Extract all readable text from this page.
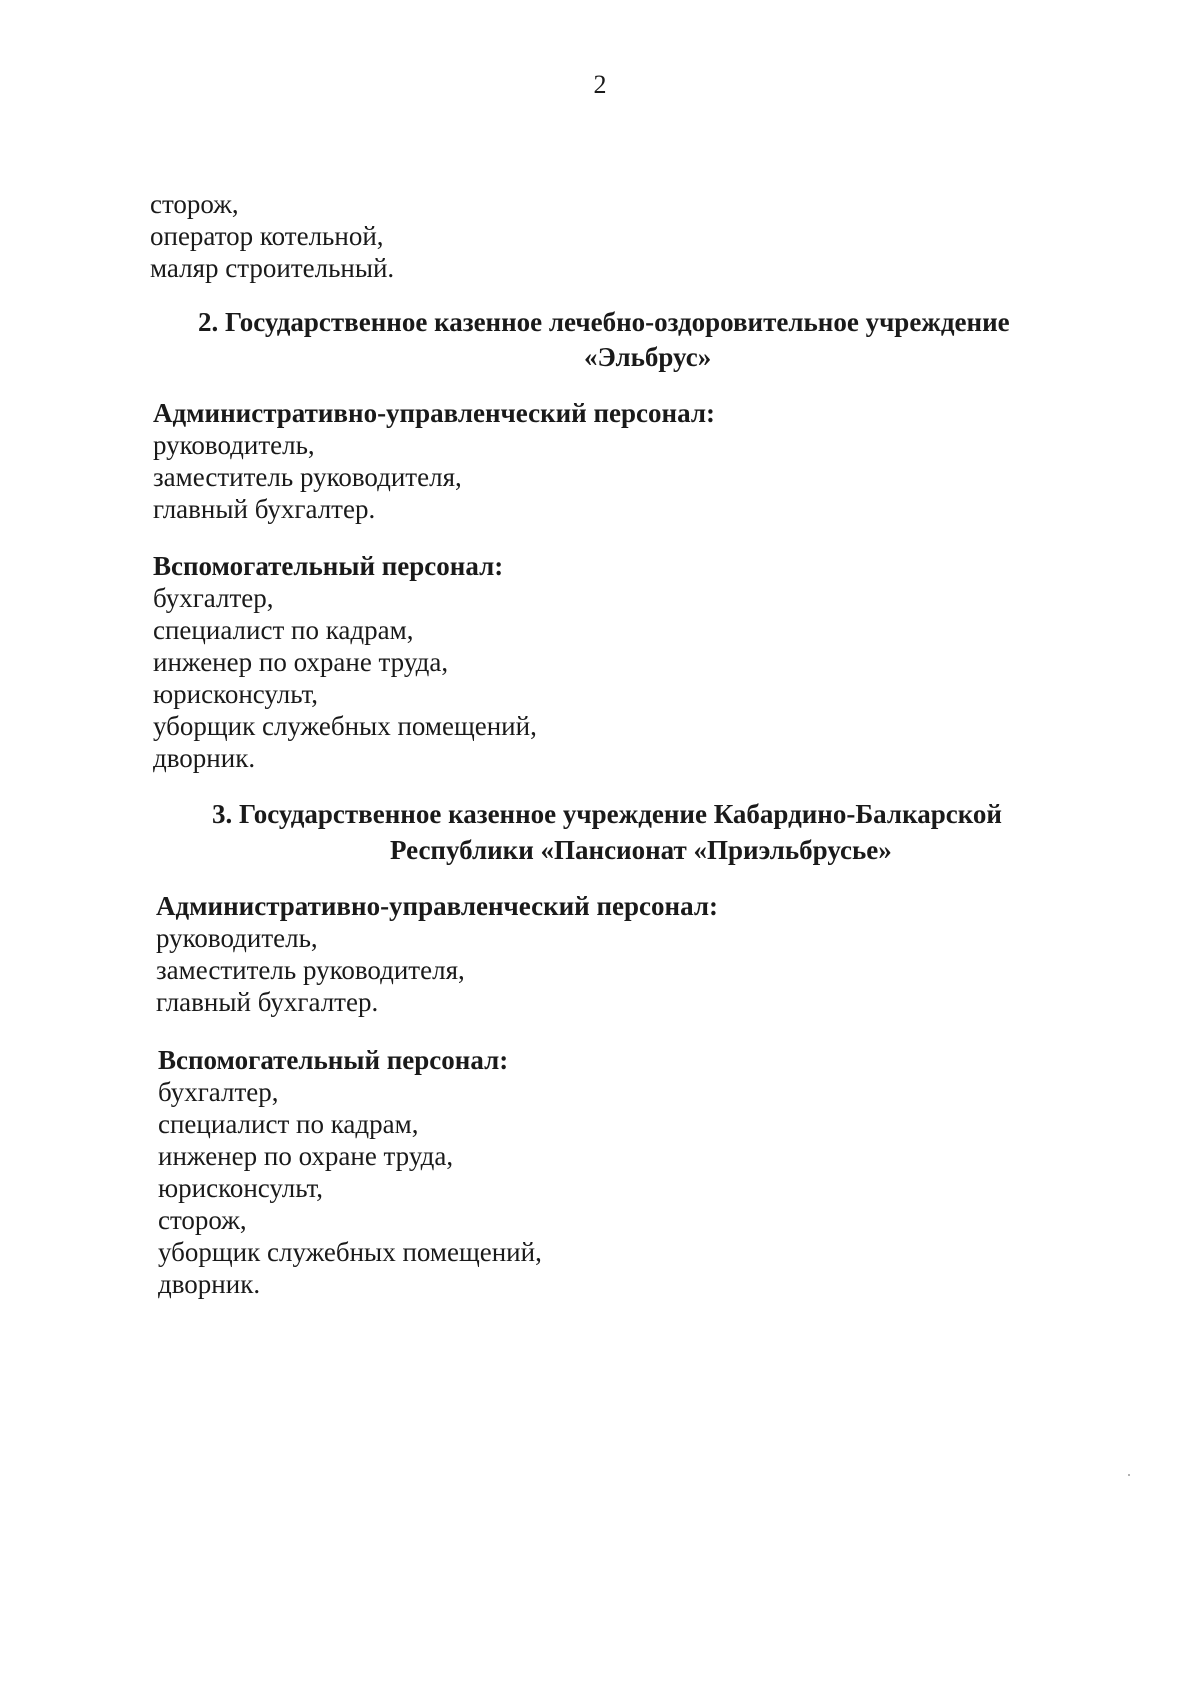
2
сторож,
оператор котельной,
маляр строительный.
2. Государственное казенное лечебно-оздоровительное учреждение
«Эльбрус»
Административно-управленческий персонал:
руководитель,
заместитель руководителя,
главный бухгалтер.
Вспомогательный персонал:
бухгалтер,
специалист по кадрам,
инженер по охране труда,
юрисконсульт,
уборщик служебных помещений,
дворник.
3. Государственное казенное учреждение Кабардино-Балкарской
Республики «Пансионат «Приэльбрусье»
Административно-управленческий персонал:
руководитель,
заместитель руководителя,
главный бухгалтер.
Вспомогательный персонал:
бухгалтер,
специалист по кадрам,
инженер по охране труда,
юрисконсульт,
сторож,
уборщик служебных помещений,
дворник.
